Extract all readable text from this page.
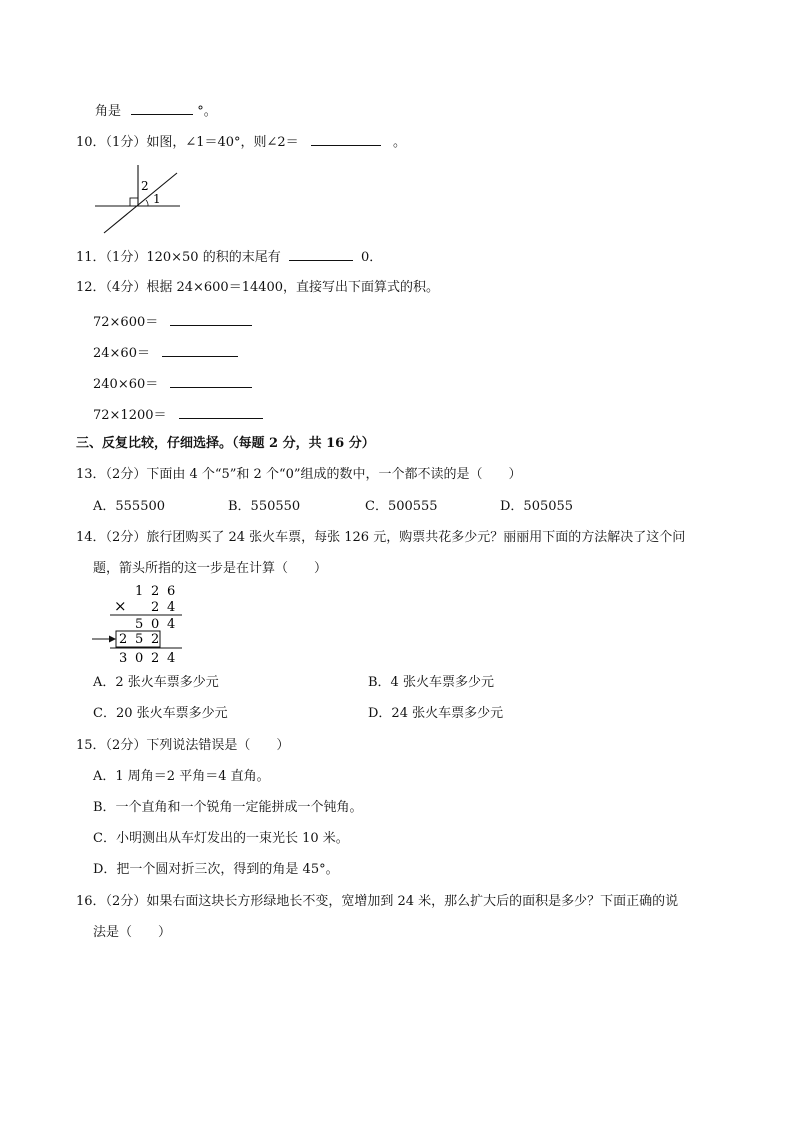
角是	°。
10．（1分）如图，∠1＝40°，则∠2＝	。
2
1
11．（1分）120×50 的积的末尾有	0．
12．（4分）根据 24×600＝14400，直接写出下面算式的积。
72×600＝
24×60＝
240×60＝
72×1200＝
三、反复比较，仔细选择。（每题 2 分，共 16 分）
13．（2分）下面由 4 个“5”和 2 个“0”组成的数中，一个都不读的是（　　）
A．555500	B．550550	C．500555	D．505055
14．（2分）旅行团购买了 24 张火车票，每张 126 元，购票共花多少元？丽丽用下面的方法解决了这个问
题，箭头所指的这一步是在计算（　　）
1 2 6
× 2 4
5 0 4
2 5 2
3 0 2 4
A．2 张火车票多少元	B．4 张火车票多少元
C．20 张火车票多少元	D．24 张火车票多少元
15．（2分）下列说法错误是（　　）
A．1 周角＝2 平角＝4 直角。
B．一个直角和一个锐角一定能拼成一个钝角。
C．小明测出从车灯发出的一束光长 10 米。
D．把一个圆对折三次，得到的角是 45°。
16．（2分）如果右面这块长方形绿地长不变，宽增加到 24 米，那么扩大后的面积是多少？下面正确的说
法是（　　）
